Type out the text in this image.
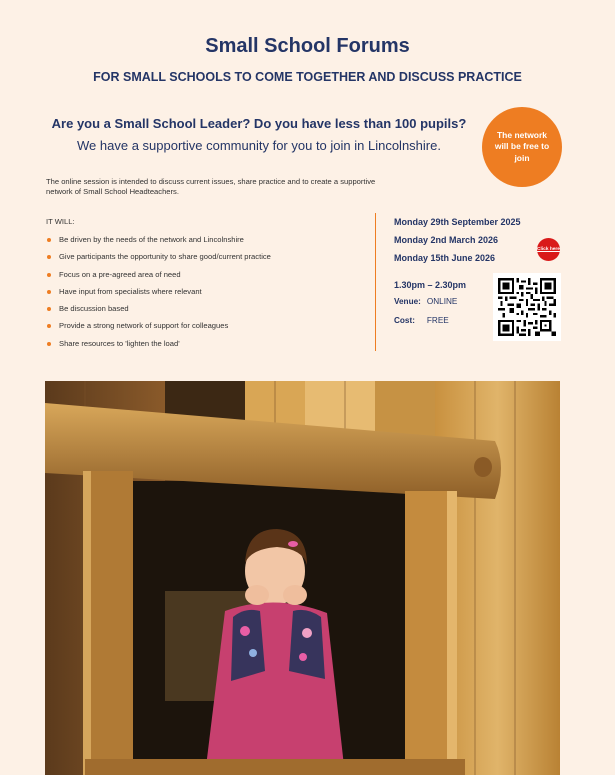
Small School Forums
FOR SMALL SCHOOLS TO COME TOGETHER AND DISCUSS PRACTICE
Are you a Small School Leader? Do you have less than 100 pupils?
We have a supportive community for you to join in Lincolnshire.
The network will be free to join
The online session is intended to discuss current issues, share practice and to create a supportive network of Small School Headteachers.
IT WILL:
Be driven by the needs of the network and Lincolnshire
Give participants the opportunity to share good/current practice
Focus on a pre-agreed area of need
Have input from specialists where relevant
Be discussion based
Provide a strong network of support for colleagues
Share resources to 'lighten the load'
Monday 29th September 2025
Monday 2nd March 2026
Monday 15th June 2026
Click here
1.30pm – 2.30pm
Venue: ONLINE
Cost: FREE
